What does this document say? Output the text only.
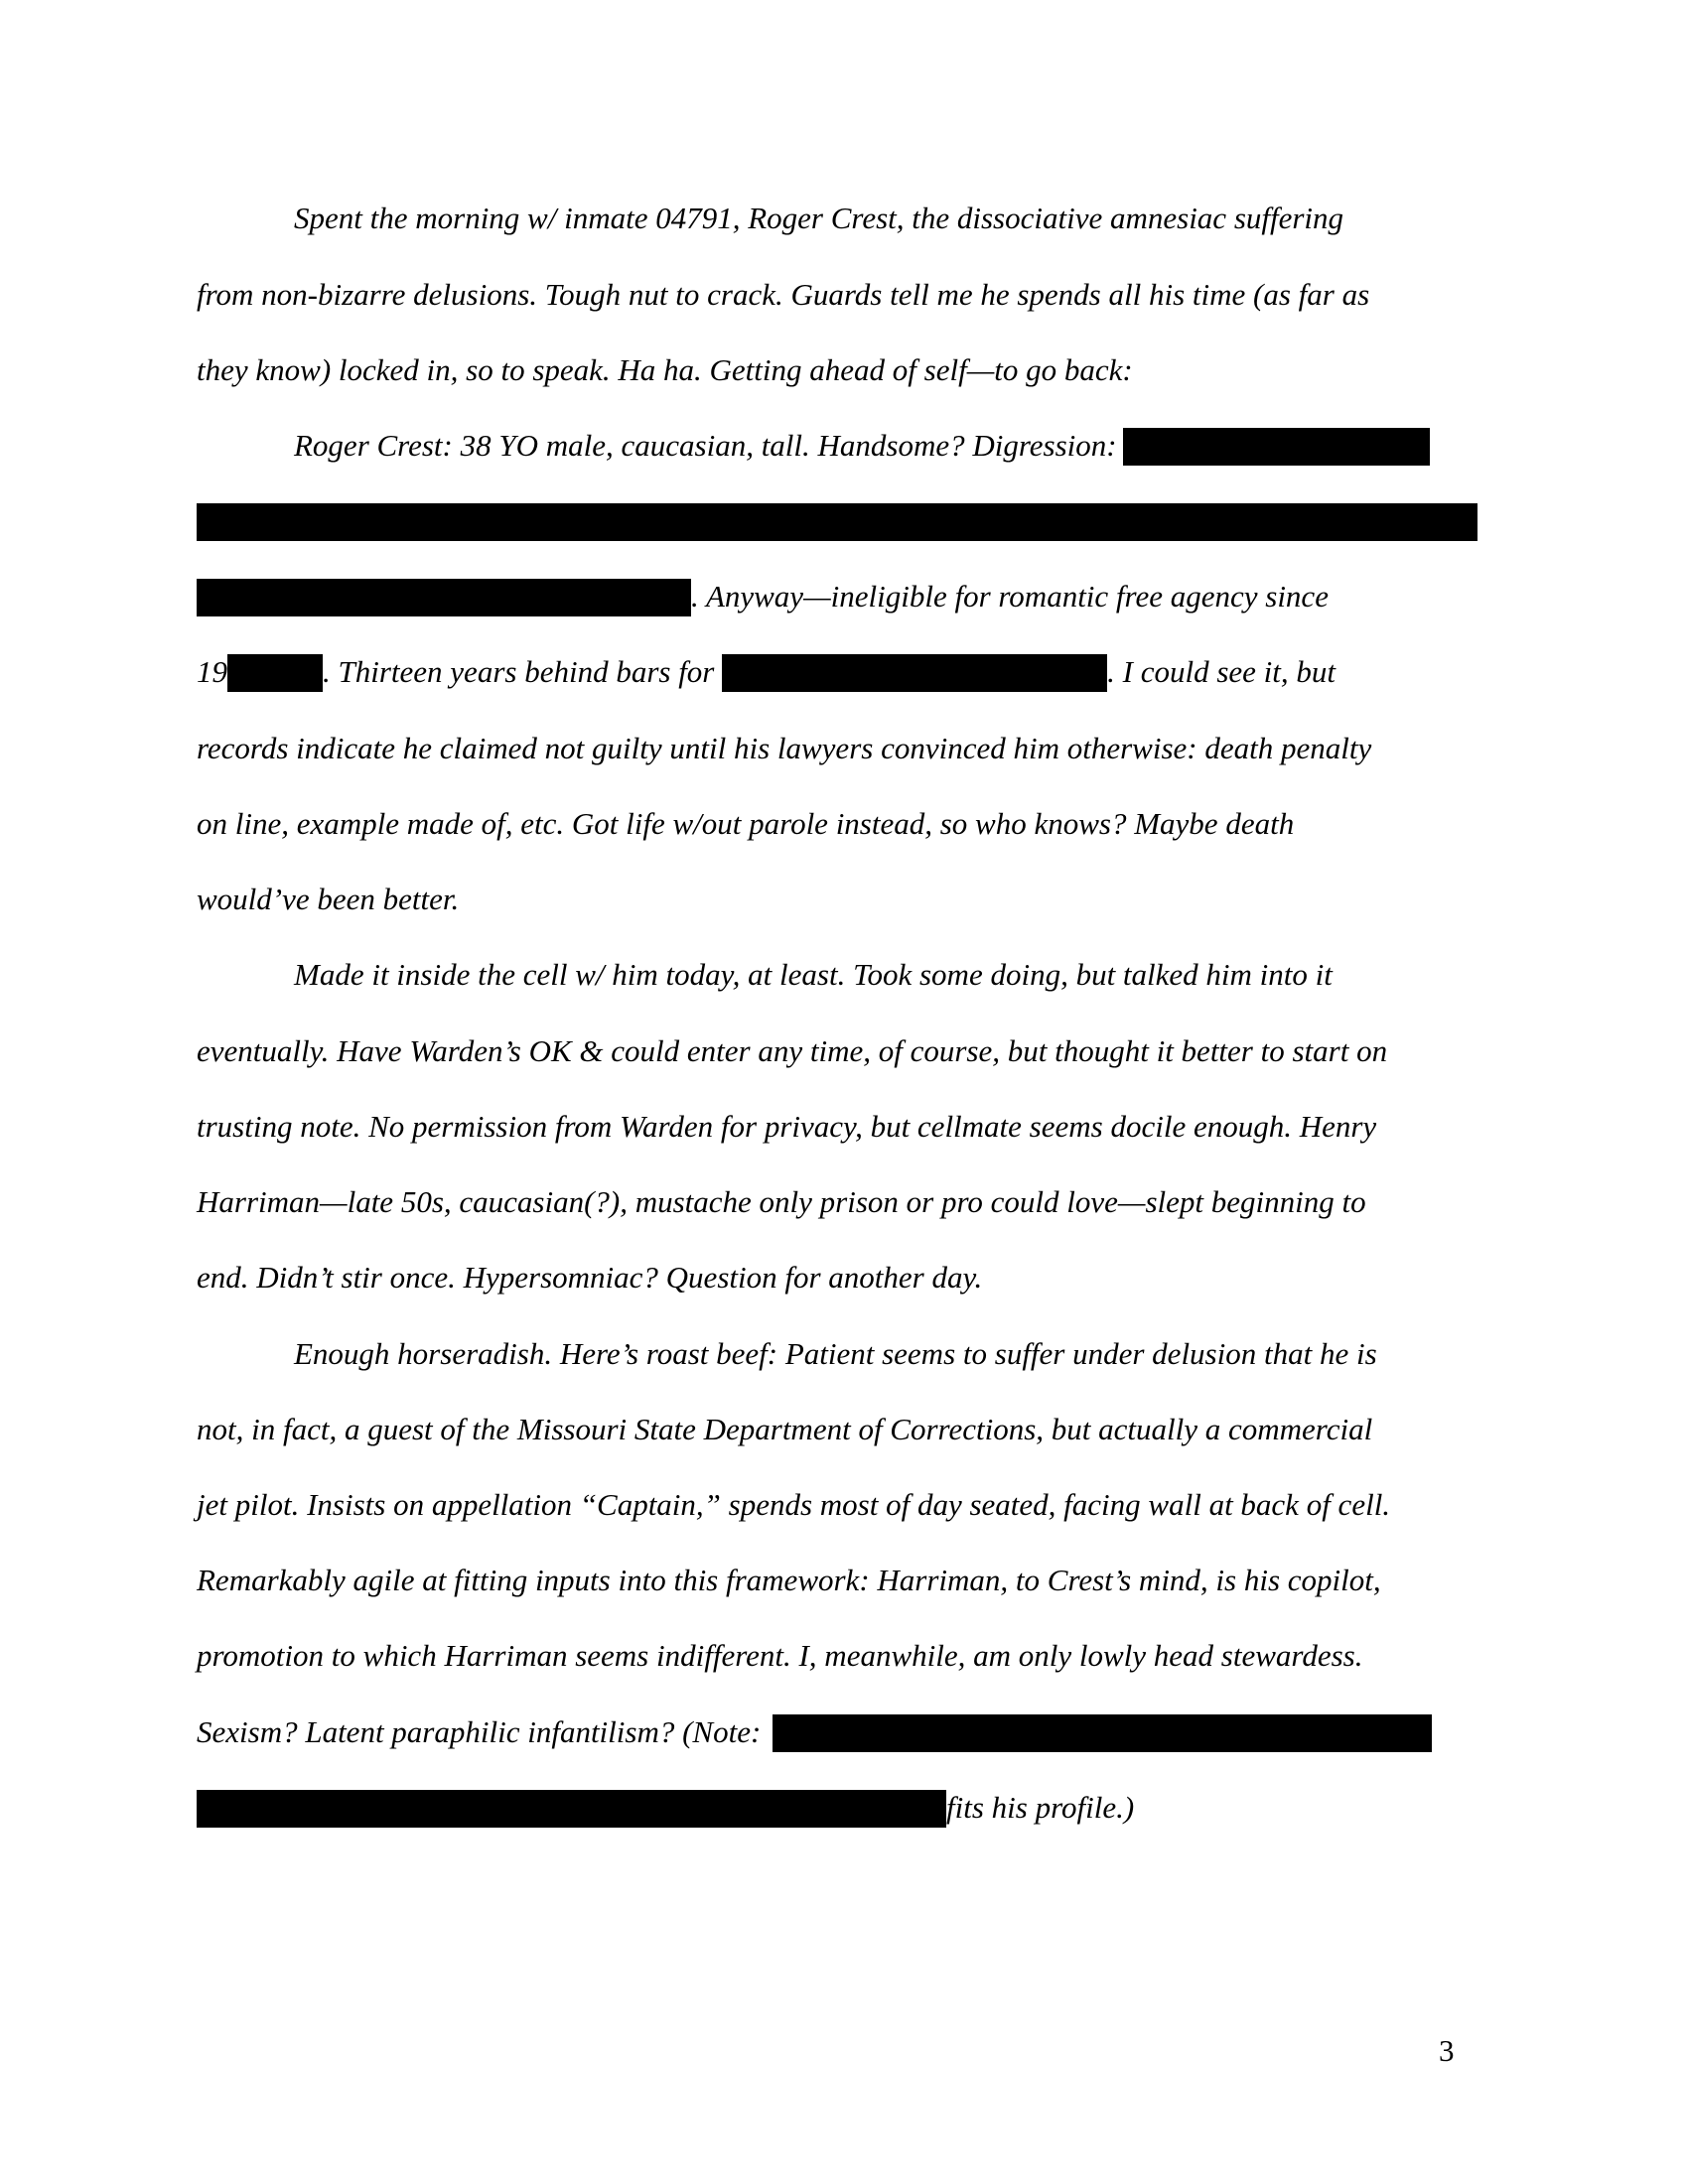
Spent the morning w/ inmate 04791, Roger Crest, the dissociative amnesiac suffering
from non-bizarre delusions. Tough nut to crack. Guards tell me he spends all his time (as far as
they know) locked in, so to speak. Ha ha. Getting ahead of self—to go back:
Roger Crest: 38 YO male, caucasian, tall. Handsome? Digression:
. Anyway—ineligible for romantic free agency since
19	. Thirteen years behind bars for	. I could see it, but
records indicate he claimed not guilty until his lawyers convinced him otherwise: death penalty
on line, example made of, etc. Got life w/out parole instead, so who knows? Maybe death
would’ve been better.
Made it inside the cell w/ him today, at least. Took some doing, but talked him into it
eventually. Have Warden’s OK & could enter any time, of course, but thought it better to start on
trusting note. No permission from Warden for privacy, but cellmate seems docile enough. Henry
Harriman—late 50s, caucasian(?), mustache only prison or pro could love—slept beginning to
end. Didn’t stir once. Hypersomniac? Question for another day.
Enough horseradish. Here’s roast beef: Patient seems to suffer under delusion that he is
not, in fact, a guest of the Missouri State Department of Corrections, but actually a commercial
jet pilot. Insists on appellation “Captain,” spends most of day seated, facing wall at back of cell.
Remarkably agile at fitting inputs into this framework: Harriman, to Crest’s mind, is his copilot,
promotion to which Harriman seems indifferent. I, meanwhile, am only lowly head stewardess.
Sexism? Latent paraphilic infantilism? (Note:
fits his profile.)
3
